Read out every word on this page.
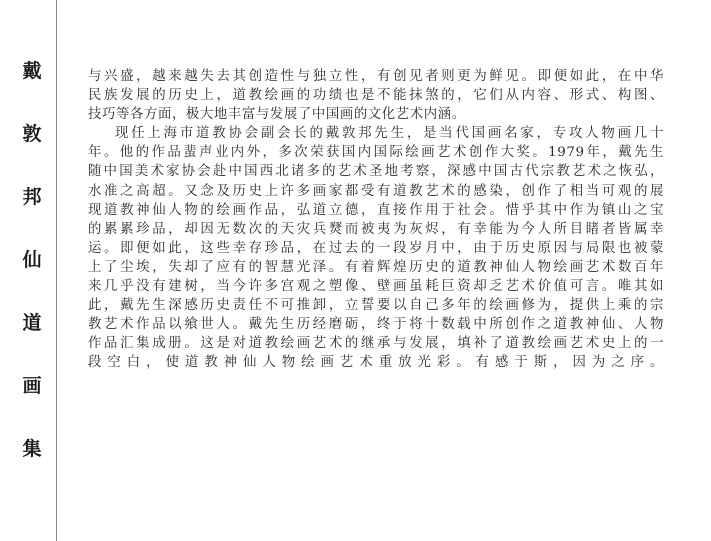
戴
敦
邦
仙
道
画
集
与兴盛，越来越失去其创造性与独立性，有创见者则更为鲜见。即便如此，在中华
民族发展的历史上，道教绘画的功绩也是不能抹煞的，它们从内容、形式、构图、
技巧等各方面，极大地丰富与发展了中国画的文化艺术内涵。
现任上海市道教协会副会长的戴敦邦先生，是当代国画名家，专攻人物画几十
年。他的作品蜚声业内外，多次荣获国内国际绘画艺术创作大奖。1979年，戴先生
随中国美术家协会赴中国西北诸多的艺术圣地考察，深感中国古代宗教艺术之恢弘，
水准之高超。又念及历史上许多画家都受有道教艺术的感染，创作了相当可观的展
现道教神仙人物的绘画作品，弘道立德，直接作用于社会。惜乎其中作为镇山之宝
的累累珍品，却因无数次的天灾兵燹而被夷为灰烬，有幸能为今人所目睹者皆属幸
运。即便如此，这些幸存珍品，在过去的一段岁月中，由于历史原因与局限也被蒙
上了尘埃，失却了应有的智慧光泽。有着辉煌历史的道教神仙人物绘画艺术数百年
来几乎没有建树，当今许多宫观之塑像、壁画虽耗巨资却乏艺术价值可言。唯其如
此，戴先生深感历史责任不可推卸，立誓要以自己多年的绘画修为，提供上乘的宗
教艺术作品以飨世人。戴先生历经磨砺，终于将十数载中所创作之道教神仙、人物
作品汇集成册。这是对道教绘画艺术的继承与发展，填补了道教绘画艺术史上的一
段空白，使道教神仙人物绘画艺术重放光彩。有感于斯，因为之序。
